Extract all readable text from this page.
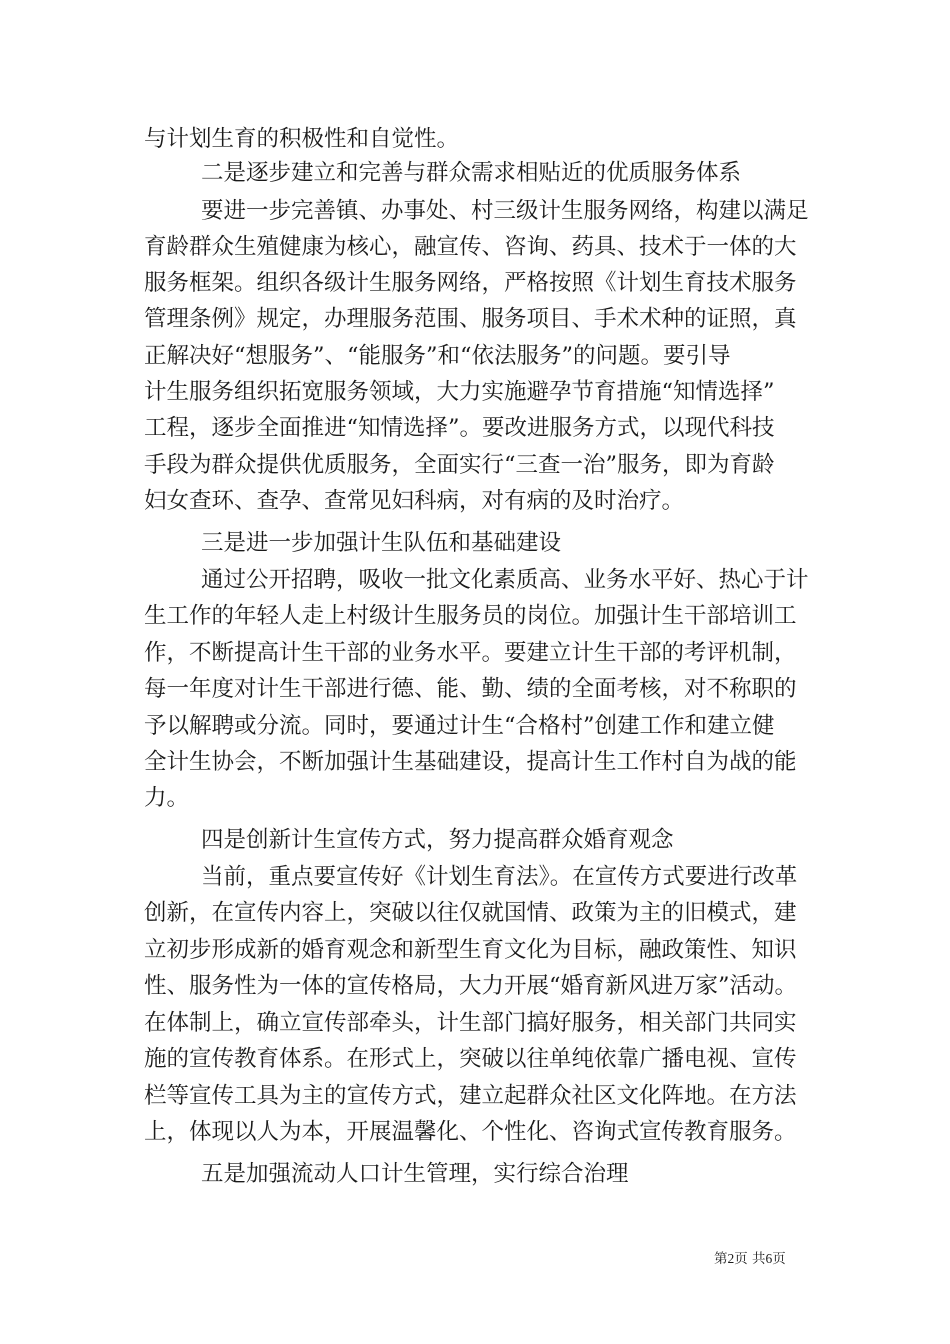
与计划生育的积极性和自觉性。
二是逐步建立和完善与群众需求相贴近的优质服务体系
要进一步完善镇、办事处、村三级计生服务网络，构建以满足
育龄群众生殖健康为核心，融宣传、咨询、药具、技术于一体的大
服务框架。组织各级计生服务网络，严格按照《计划生育技术服务
管理条例》规定，办理服务范围、服务项目、手术术种的证照，真
正解决好“想服务”、“能服务”和“依法服务”的问题。要引导
计生服务组织拓宽服务领域，大力实施避孕节育措施“知情选择”
工程，逐步全面推进“知情选择”。要改进服务方式，以现代科技
手段为群众提供优质服务，全面实行“三查一治”服务，即为育龄
妇女查环、查孕、查常见妇科病，对有病的及时治疗。
三是进一步加强计生队伍和基础建设
通过公开招聘，吸收一批文化素质高、业务水平好、热心于计
生工作的年轻人走上村级计生服务员的岗位。加强计生干部培训工
作，不断提高计生干部的业务水平。要建立计生干部的考评机制，
每一年度对计生干部进行德、能、勤、绩的全面考核，对不称职的
予以解聘或分流。同时，要通过计生“合格村”创建工作和建立健
全计生协会，不断加强计生基础建设，提高计生工作村自为战的能
力。
四是创新计生宣传方式，努力提高群众婚育观念
当前，重点要宣传好《计划生育法》。在宣传方式要进行改革
创新，在宣传内容上，突破以往仅就国情、政策为主的旧模式，建
立初步形成新的婚育观念和新型生育文化为目标，融政策性、知识
性、服务性为一体的宣传格局，大力开展“婚育新风进万家”活动。
在体制上，确立宣传部牵头，计生部门搞好服务，相关部门共同实
施的宣传教育体系。在形式上，突破以往单纯依靠广播电视、宣传
栏等宣传工具为主的宣传方式，建立起群众社区文化阵地。在方法
上，体现以人为本，开展温馨化、个性化、咨询式宣传教育服务。
五是加强流动人口计生管理，实行综合治理
第2页 共6页
